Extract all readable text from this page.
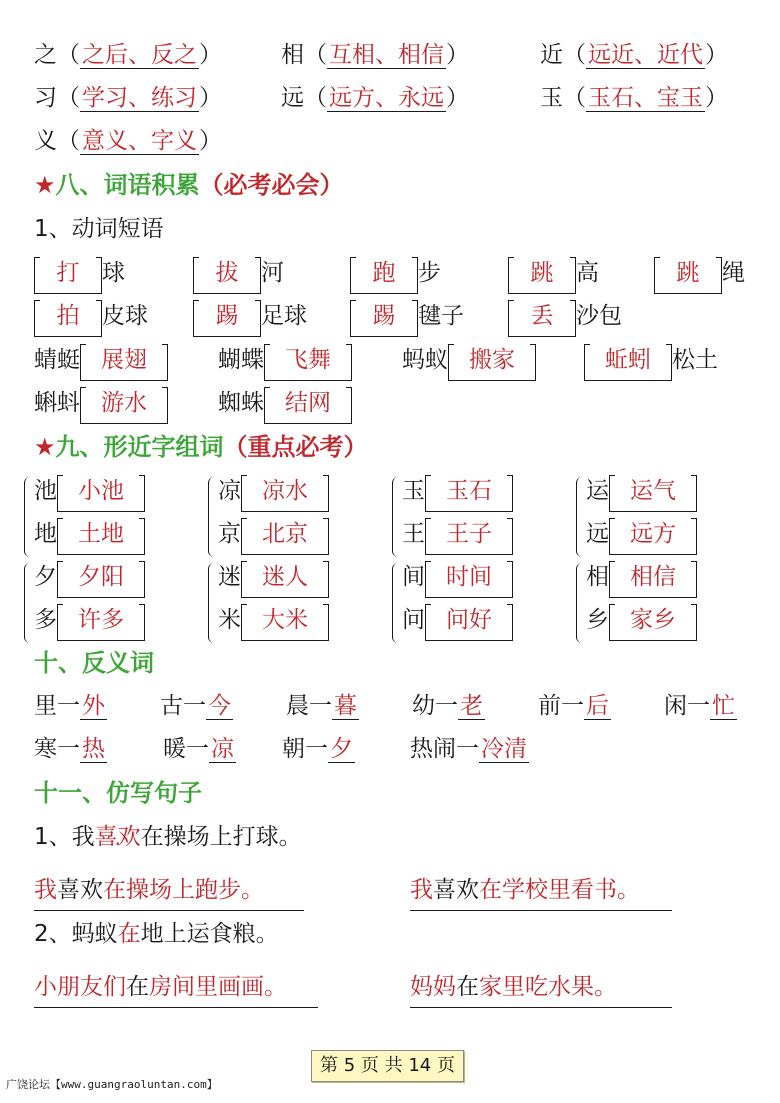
之（之后、反之）	相（互相、相信）	近（远近、近代）
习（学习、练习）	远（远方、永远）	玉（玉石、宝玉）
义（意义、字义）
★八、词语积累（必考必会）
1、动词短语
打 球	拔 河	跑 步	跳 高	跳 绳
拍 皮球	踢 足球	踢 毽子	丢 沙包
蜻蜓 展翅	蝴蝶 飞舞	蚂蚁 搬家	蚯蚓 松土
蝌蚪 游水	蜘蛛 结网
★九、形近字组词（重点必考）
池 小池
地 土地
凉 凉水
京 北京
玉 玉石
王 王子
运 运气
远 远方
夕 夕阳
多 许多
迷 迷人
米 大米
间 时间
问 问好
相 相信
乡 家乡
十、反义词
里一外 古一今 晨一暮 幼一老 前一后 闲一忙
寒一热	暖一凉 朝一夕 热闹一冷清
十一、仿写句子
1、我喜欢在操场上打球。
我喜欢在操场上跑步。	我喜欢在学校里看书。
2、蚂蚁在地上运食粮。
小朋友们在房间里画画。	妈妈在家里吃水果。
第 5 页 共 14 页
广饶论坛【www.guangraoluntan.com】
